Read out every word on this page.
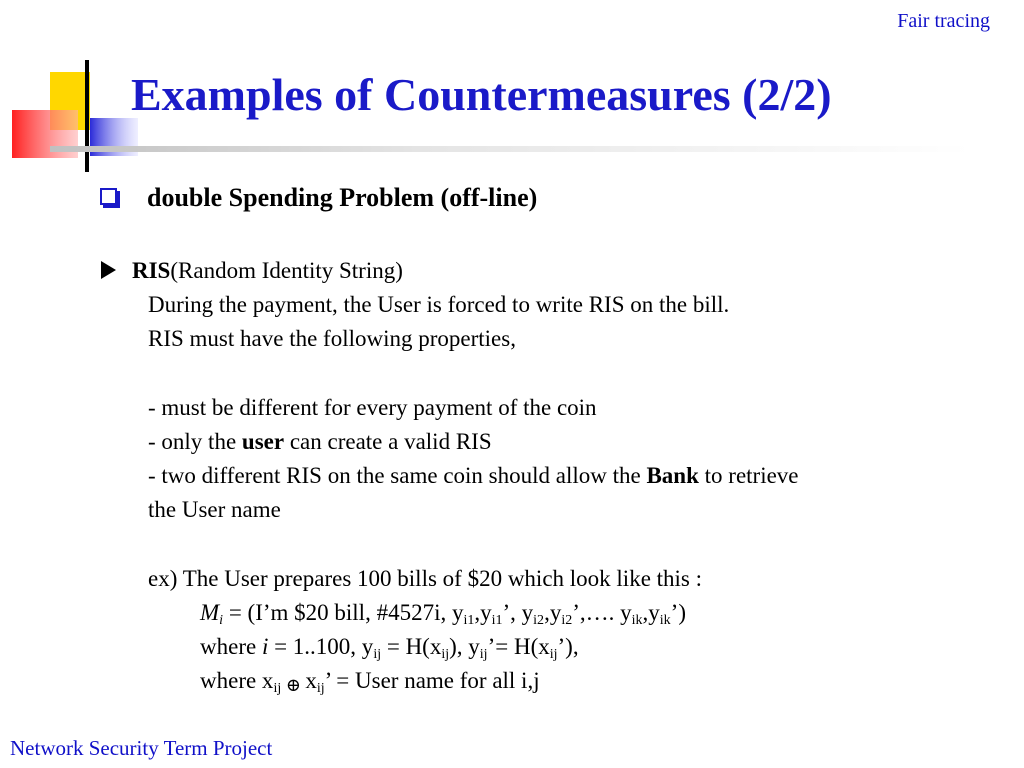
Fair tracing
Examples of Countermeasures (2/2)
double Spending Problem (off-line)
RIS(Random Identity String)
During the payment, the User is forced to write RIS on the bill.
RIS must have the following properties,
- must be different for every payment of the coin
- only the user can create a valid RIS
- two different RIS on the same coin should allow the Bank to retrieve
the User name
ex) The User prepares 100 bills of $20 which look like this :
$M_i$ = (I’m $20 bill, #4527i, $y_{i1},y_{i1}$’, $y_{i2},y_{i2}’,\dots$. $y_{ik},y_{ik}$’)
where i = 1..100, $y_{ij} = H(x_{ij})$, $y_{ij}’=$ $H(x_{ij}’)$,
where $x_{ij}$ ⊕ $x_{ij}$’ = User name for all i,j
Network Security Term Project
